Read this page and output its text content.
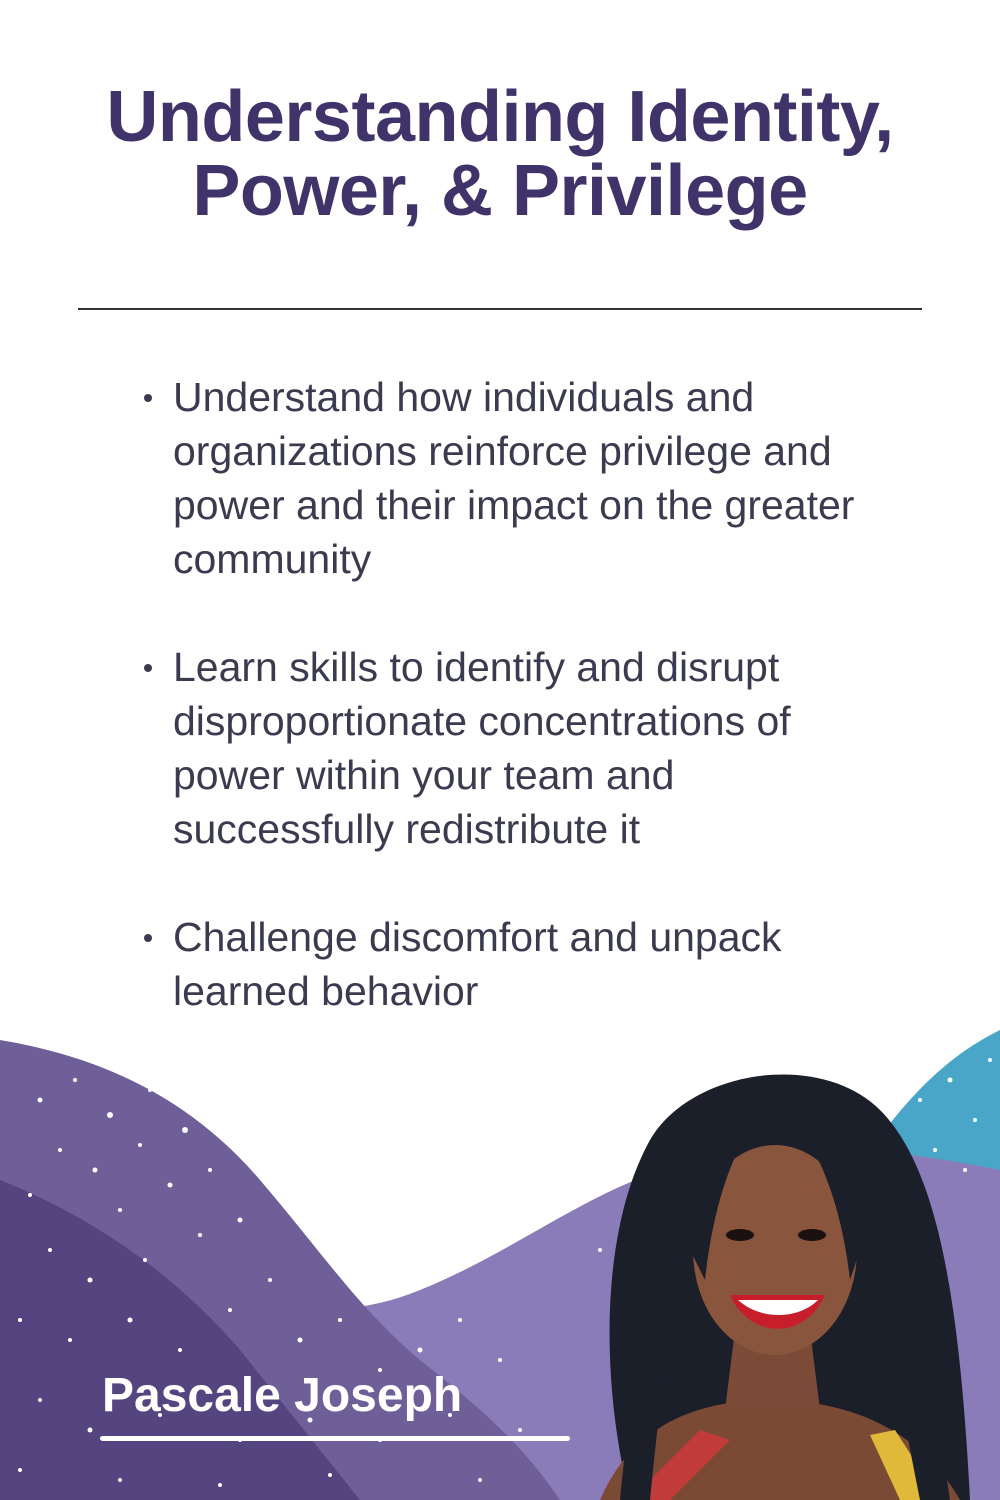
Understanding Identity,
Power, & Privilege
Understand how individuals and organizations reinforce privilege and power and their impact on the greater community
Learn skills to identify and disrupt disproportionate concentrations of power within your team and successfully redistribute it
Challenge discomfort and unpack learned behavior
Pascale Joseph
